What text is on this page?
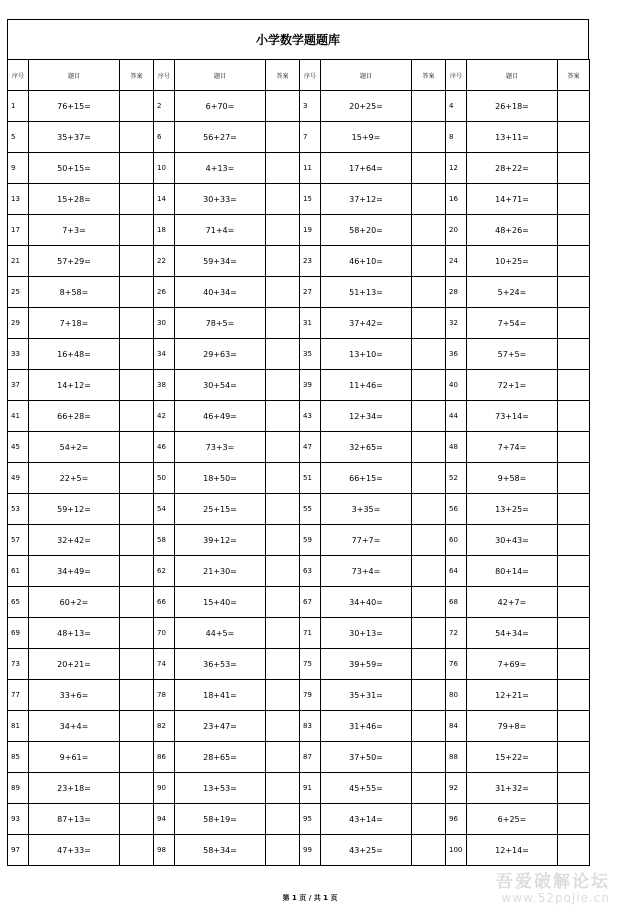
小学数学题题库
序号	题目	答案	序号	题目	答案	序号	题目	答案	序号	题目	答案
1	76+15=		2	6+70=		3	20+25=		4	26+18=	
5	35+37=		6	56+27=		7	15+9=		8	13+11=	
9	50+15=		10	4+13=		11	17+64=		12	28+22=	
13	15+28=		14	30+33=		15	37+12=		16	14+71=	
17	7+3=		18	71+4=		19	58+20=		20	48+26=	
21	57+29=		22	59+34=		23	46+10=		24	10+25=	
25	8+58=		26	40+34=		27	51+13=		28	5+24=	
29	7+18=		30	78+5=		31	37+42=		32	7+54=	
33	16+48=		34	29+63=		35	13+10=		36	57+5=	
37	14+12=		38	30+54=		39	11+46=		40	72+1=	
41	66+28=		42	46+49=		43	12+34=		44	73+14=	
45	54+2=		46	73+3=		47	32+65=		48	7+74=	
49	22+5=		50	18+50=		51	66+15=		52	9+58=	
53	59+12=		54	25+15=		55	3+35=		56	13+25=	
57	32+42=		58	39+12=		59	77+7=		60	30+43=	
61	34+49=		62	21+30=		63	73+4=		64	80+14=	
65	60+2=		66	15+40=		67	34+40=		68	42+7=	
69	48+13=		70	44+5=		71	30+13=		72	54+34=	
73	20+21=		74	36+53=		75	39+59=		76	7+69=	
77	33+6=		78	18+41=		79	35+31=		80	12+21=	
81	34+4=		82	23+47=		83	31+46=		84	79+8=	
85	9+61=		86	28+65=		87	37+50=		88	15+22=	
89	23+18=		90	13+53=		91	45+55=		92	31+32=	
93	87+13=		94	58+19=		95	43+14=		96	6+25=	
97	47+33=		98	58+34=		99	43+25=		100	12+14=	
第 1 页 / 共 1 页
吾爱破解论坛
www.52pojie.cn
